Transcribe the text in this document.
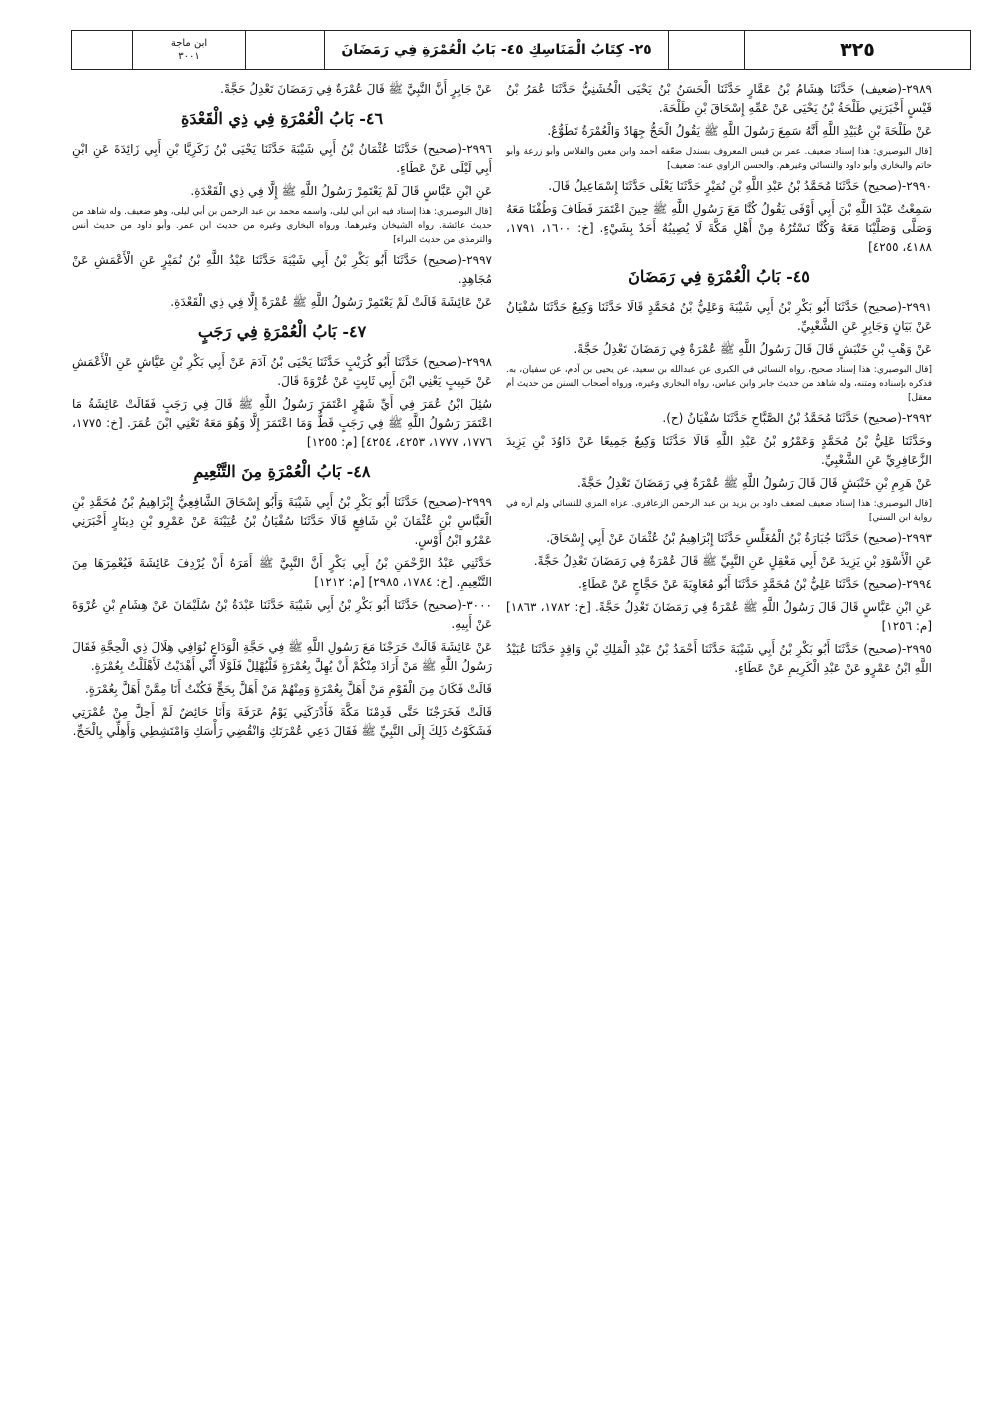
ابن ماجة
٣٠٠١	٢٥- كِتَابُ الْمَنَاسِكِ ٤٥- بَابُ الْعُمْرَةِ فِي رَمَضَانَ	٣٢٥

٢٩٨٩-(ضعيف) حَدَّثَنَا هِشَامُ بْنُ عَمَّارٍ حَدَّثَنَا الْحَسَنُ بْنُ يَحْيَى الْخُشَنِيُّ حَدَّثَنَا عُمَرُ بْنُ قَيْسٍ أَخْبَرَنِي طَلْحَةُ بْنُ يَحْيَى عَنْ عَمِّهِ إِسْحَاقَ بْنِ طَلْحَةَ.

عَنْ طَلْحَةَ بْنِ عُبَيْدِ اللَّهِ أَنَّهُ سَمِعَ رَسُولَ اللَّهِ ﷺ يَقُولُ الْحَجُّ جِهَادٌ وَالْعُمْرَةُ تَطَوُّعٌ.

[قال البوصيري: هذا إسناد ضعيف. عمر بن قيس المعروف بسندل ضعّفه أحمد وابن معين والفلاس وأبو زرعة وأبو حاتم والبخاري وأبو داود والنسائي وغيرهم. والحسن الراوي عنه: ضعيف]

٢٩٩٠-(صحيح) حَدَّثَنَا مُحَمَّدُ بْنُ عَبْدِ اللَّهِ بْنِ نُمَيْرٍ حَدَّثَنَا يَعْلَى حَدَّثَنَا إِسْمَاعِيلُ قَالَ.

سَمِعْتُ عَبْدَ اللَّهِ بْنَ أَبِي أَوْفَى يَقُولُ كُنَّا مَعَ رَسُولِ اللَّهِ ﷺ حِينَ اعْتَمَرَ فَطَافَ وَطُفْنَا مَعَهُ وَصَلَّى وَصَلَّيْنَا مَعَهُ وَكُنَّا نَسْتُرُهُ مِنْ أَهْلِ مَكَّةَ لَا يُصِيبُهُ أَحَدٌ بِشَيْءٍ. [خ: ١٦٠٠، ١٧٩١، ٤١٨٨، ٤٢٥٥]

٤٥- بَابُ الْعُمْرَةِ فِي رَمَضَانَ

٢٩٩١-(صحيح) حَدَّثَنَا أَبُو بَكْرِ بْنُ أَبِي شَيْبَةَ وَعَلِيُّ بْنُ مُحَمَّدٍ قَالَا حَدَّثَنَا وَكِيعٌ حَدَّثَنَا سُفْيَانُ عَنْ بَيَانٍ وَجَابِرٍ عَنِ الشَّعْبِيِّ.

عَنْ وَهْبِ بْنِ خَنْبَشٍ قَالَ قَالَ رَسُولُ اللَّهِ ﷺ عُمْرَةٌ فِي رَمَضَانَ تَعْدِلُ حَجَّةً.

[قال البوصيري: هذا إسناد صحيح، رواه النسائي في الكبرى عن عبدالله بن سعيد، عن يحيى بن آدم، عن سفيان، به. فذكره بإسناده ومتنه، وله شاهد من حديث جابر وابن عباس، رواه البخاري وغيره، ورواه أصحاب السنن من حديث أم معقل]

٢٩٩٢-(صحيح) حَدَّثَنَا مُحَمَّدُ بْنُ الصَّبَّاحِ حَدَّثَنَا سُفْيَانُ (ح).

وحَدَّثَنَا عَلِيُّ بْنُ مُحَمَّدٍ وَعَمْرُو بْنُ عَبْدِ اللَّهِ قَالَا حَدَّثَنَا وَكِيعٌ جَمِيعًا عَنْ دَاوُدَ بْنِ يَزِيدَ الزَّعَافِرِيِّ عَنِ الشَّعْبِيِّ.

عَنْ هَرِمِ بْنِ خَنْبَشٍ قَالَ قَالَ رَسُولُ اللَّهِ ﷺ عُمْرَةٌ فِي رَمَضَانَ تَعْدِلُ حَجَّةً.

[قال البوصيري: هذا إسناد ضعيف لضعف داود بن يزيد بن عبد الرحمن الزعافري. عزاه المزي للنسائي ولم أره في رواية ابن السني]

٢٩٩٣-(صحيح) حَدَّثَنَا جُبَارَةُ بْنُ الْمُغَلِّسِ حَدَّثَنَا إِبْرَاهِيمُ بْنُ عُثْمَانَ عَنْ أَبِي إِسْحَاقَ.

عَنِ الْأَسْوَدِ بْنِ يَزِيدَ عَنْ أَبِي مَعْقِلٍ عَنِ النَّبِيِّ ﷺ قَالَ عُمْرَةٌ فِي رَمَضَانَ تَعْدِلُ حَجَّةً.

٢٩٩٤-(صحيح) حَدَّثَنَا عَلِيُّ بْنُ مُحَمَّدٍ حَدَّثَنَا أَبُو مُعَاوِيَةَ عَنْ حَجَّاجٍ عَنْ عَطَاءٍ.

عَنِ ابْنِ عَبَّاسٍ قَالَ قَالَ رَسُولُ اللَّهِ ﷺ عُمْرَةٌ فِي رَمَضَانَ تَعْدِلُ حَجَّةً. [خ: ١٧٨٢، ١٨٦٣] [م: ١٢٥٦]

٢٩٩٥-(صحيح) حَدَّثَنَا أَبُو بَكْرِ بْنُ أَبِي شَيْبَةَ حَدَّثَنَا أَحْمَدُ بْنُ عَبْدِ الْمَلِكِ بْنِ وَاقِدٍ حَدَّثَنَا عُبَيْدُ اللَّهِ ابْنُ عَمْرٍو عَنْ عَبْدِ الْكَرِيمِ عَنْ عَطَاءٍ.

عَنْ جَابِرٍ أَنَّ النَّبِيَّ ﷺ قَالَ عُمْرَةٌ فِي رَمَضَانَ تَعْدِلُ حَجَّةً.

٤٦- بَابُ الْعُمْرَةِ فِي ذِي الْقَعْدَةِ

٢٩٩٦-(صحيح) حَدَّثَنَا عُثْمَانُ بْنُ أَبِي شَيْبَةَ حَدَّثَنَا يَحْيَى بْنُ زَكَرِيَّا بْنِ أَبِي زَائِدَةَ عَنِ ابْنِ أَبِي لَيْلَى عَنْ عَطَاءٍ.

عَنِ ابْنِ عَبَّاسٍ قَالَ لَمْ يَعْتَمِرْ رَسُولُ اللَّهِ ﷺ إِلَّا فِي ذِي الْقَعْدَةِ.

[قال البوصيري: هذا إسناد فيه ابن أبي ليلى، واسمه محمد بن عبد الرحمن بن أبي ليلى، وهو ضعيف. وله شاهد من حديث عائشة. رواه الشيخان وغيرهما. ورواه البخاري وغيره من حديث ابن عمر. وأبو داود من حديث أنس والترمذي من حديث البراء]

٢٩٩٧-(صحيح) حَدَّثَنَا أَبُو بَكْرِ بْنُ أَبِي شَيْبَةَ حَدَّثَنَا عَبْدُ اللَّهِ بْنُ نُمَيْرٍ عَنِ الْأَعْمَشِ عَنْ مُجَاهِدٍ.

عَنْ عَائِشَةَ قَالَتْ لَمْ يَعْتَمِرْ رَسُولُ اللَّهِ ﷺ عُمْرَةً إِلَّا فِي ذِي الْقَعْدَةِ.

٤٧- بَابُ الْعُمْرَةِ فِي رَجَبٍ

٢٩٩٨-(صحيح) حَدَّثَنَا أَبُو كُرَيْبٍ حَدَّثَنَا يَحْيَى بْنُ آدَمَ عَنْ أَبِي بَكْرِ بْنِ عَيَّاشٍ عَنِ الْأَعْمَشِ عَنْ حَبِيبٍ يَعْنِي ابْنَ أَبِي ثَابِتٍ عَنْ عُرْوَةَ قَالَ.

سُئِلَ ابْنُ عُمَرَ فِي أَيِّ شَهْرٍ اعْتَمَرَ رَسُولُ اللَّهِ ﷺ قَالَ فِي رَجَبٍ فَقَالَتْ عَائِشَةُ مَا اعْتَمَرَ رَسُولُ اللَّهِ ﷺ فِي رَجَبٍ قَطُّ وَمَا اعْتَمَرَ إِلَّا وَهُوَ مَعَهُ تَعْنِي ابْنَ عُمَرَ. [خ: ١٧٧٥، ١٧٧٦، ١٧٧٧، ٤٢٥٣، ٤٢٥٤] [م: ١٢٥٥]

٤٨- بَابُ الْعُمْرَةِ مِنَ التَّنْعِيمِ

٢٩٩٩-(صحيح) حَدَّثَنَا أَبُو بَكْرِ بْنُ أَبِي شَيْبَةَ وَأَبُو إِسْحَاقَ الشَّافِعِيُّ إِبْرَاهِيمُ بْنُ مُحَمَّدِ بْنِ الْعَبَّاسِ بْنِ عُثْمَانَ بْنِ شَافِعٍ قَالَا حَدَّثَنَا سُفْيَانُ بْنُ عُيَيْنَةَ عَنْ عَمْرِو بْنِ دِينَارٍ أَخْبَرَنِي عَمْرُو ابْنُ أَوْسٍ.

حَدَّثَنِي عَبْدُ الرَّحْمَنِ بْنُ أَبِي بَكْرٍ أَنَّ النَّبِيَّ ﷺ أَمَرَهُ أَنْ يُرْدِفَ عَائِشَةَ فَيُعْمِرَهَا مِنَ التَّنْعِيمِ. [خ: ١٧٨٤، ٢٩٨٥] [م: ١٢١٢]

٣٠٠٠-(صحيح) حَدَّثَنَا أَبُو بَكْرِ بْنُ أَبِي شَيْبَةَ حَدَّثَنَا عَبْدَةُ بْنُ سُلَيْمَانَ عَنْ هِشَامِ بْنِ عُرْوَةَ عَنْ أَبِيهِ.

عَنْ عَائِشَةَ قَالَتْ خَرَجْنَا مَعَ رَسُولِ اللَّهِ ﷺ فِي حَجَّةِ الْوَدَاعِ نُوَافِي هِلَالَ ذِي الْحِجَّةِ فَقَالَ رَسُولُ اللَّهِ ﷺ مَنْ أَرَادَ مِنْكُمْ أَنْ يُهِلَّ بِعُمْرَةٍ فَلْيُهْلِلْ فَلَوْلَا أَنِّي أَهْدَيْتُ لَأَهْلَلْتُ بِعُمْرَةٍ.

قَالَتْ فَكَانَ مِنَ الْقَوْمِ مَنْ أَهَلَّ بِعُمْرَةٍ وَمِنْهُمْ مَنْ أَهَلَّ بِحَجٍّ فَكُنْتُ أَنَا مِمَّنْ أَهَلَّ بِعُمْرَةٍ.

قَالَتْ فَخَرَجْنَا حَتَّى قَدِمْنَا مَكَّةَ فَأَدْرَكَنِي يَوْمُ عَرَفَةَ وَأَنَا حَائِضٌ لَمْ أَحِلَّ مِنْ عُمْرَتِي فَشَكَوْتُ ذَلِكَ إِلَى النَّبِيِّ ﷺ فَقَالَ دَعِي عُمْرَتَكِ وَانْقُضِي رَأْسَكِ وَامْتَشِطِي وَأَهِلِّي بِالْحَجِّ.
